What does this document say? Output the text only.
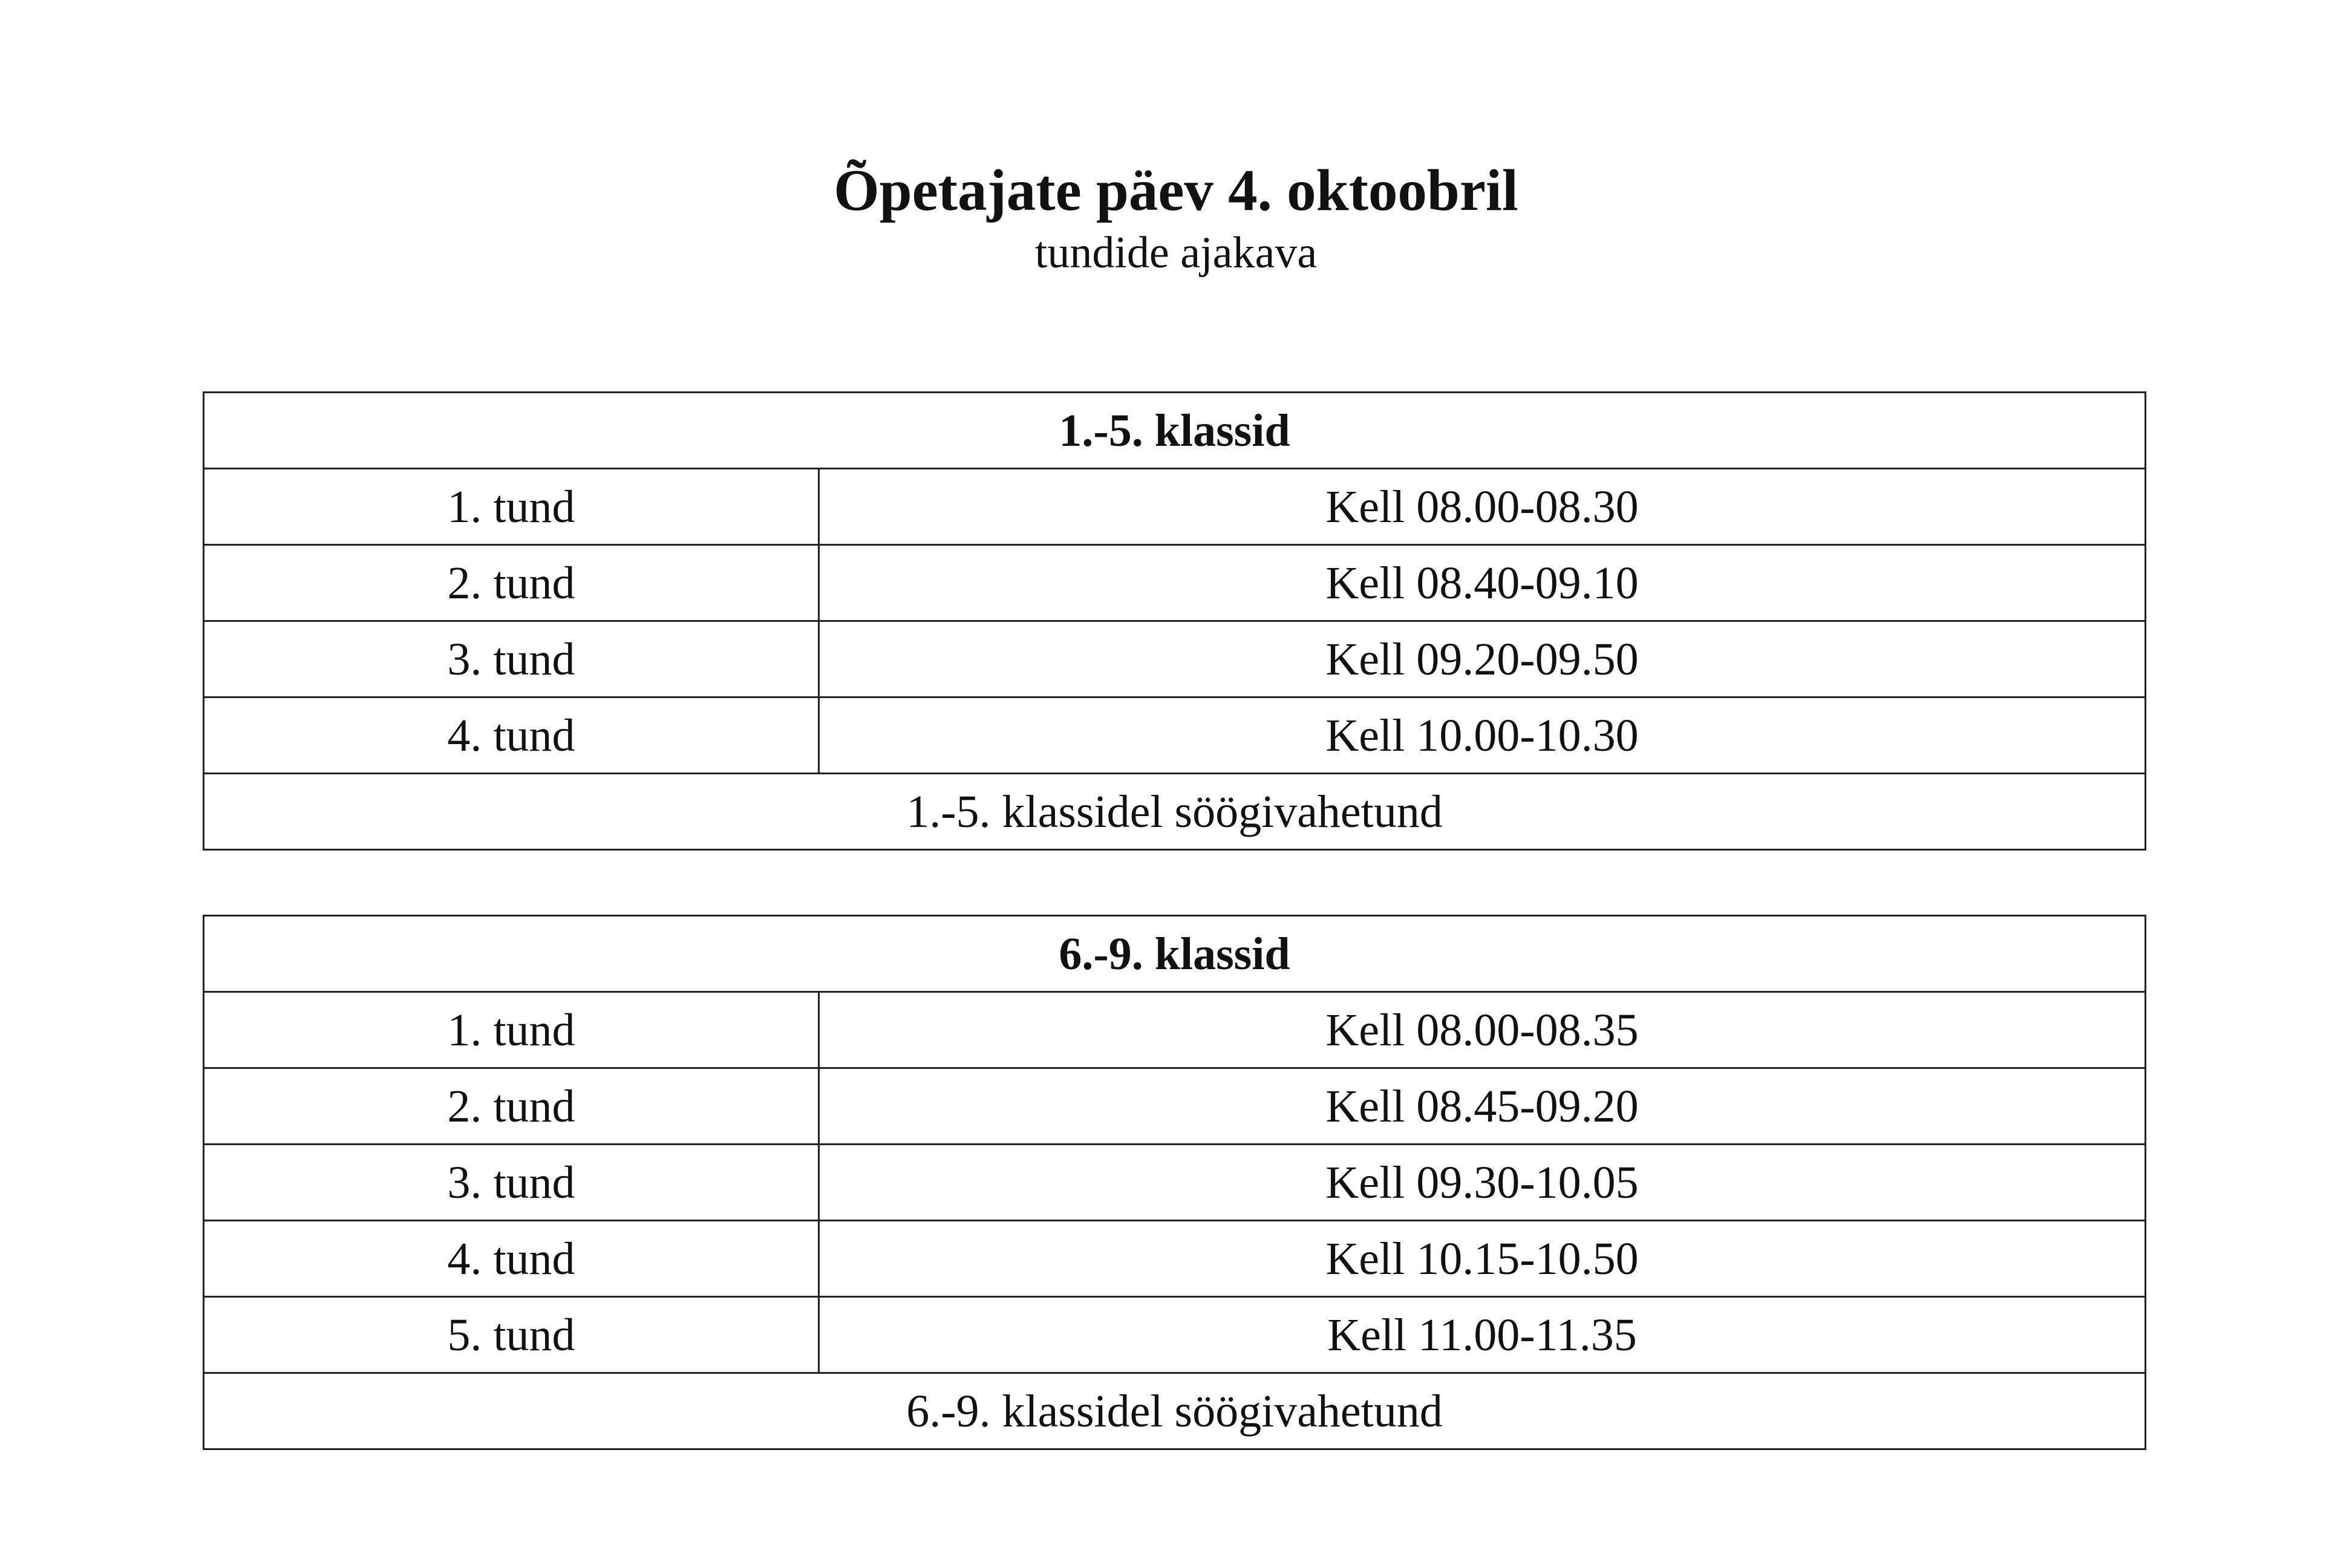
Õpetajate päev 4. oktoobril
tundide ajakava
1.-5. klassid	
1. tund	Kell 08.00-08.30
2. tund	Kell 08.40-09.10
3. tund	Kell 09.20-09.50
4. tund	Kell 10.00-10.30
1.-5. klassidel söögivahetund	
6.-9. klassid	
1. tund	Kell 08.00-08.35
2. tund	Kell 08.45-09.20
3. tund	Kell 09.30-10.05
4. tund	Kell 10.15-10.50
5. tund	Kell 11.00-11.35
6.-9. klassidel söögivahetund	
